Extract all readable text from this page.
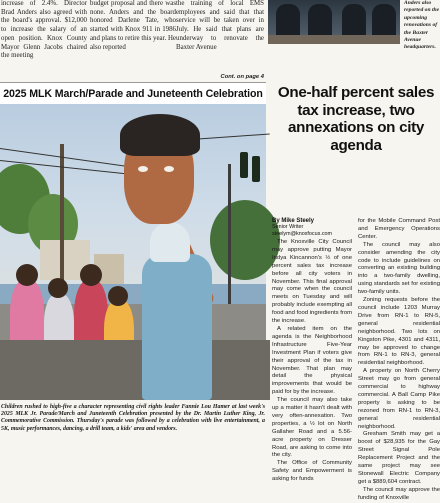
increase of 2.4%. Director Brad Anders also agreed with the board's approval. $12,000 to increase the salary of an open position. Knox County Mayor Glenn Jacobs chaired the meeting

budget proposal and there was none. Anders and the board honored Darlene Tate, who started with Knox 911 in 1986 and plans to retire this year. He also reported

the training of local EMS employees and said that that service will be taken over in July. He said that plans are underway to renovate the Baxter Avenue

Cont. on page 4
Anders also reported on the upcoming renovations of the Baxter Avenue headquarters.
2025 MLK March/Parade and Juneteenth Celebration
Children rushed to high-five a character representing civil rights leader Fannie Lou Hamer at last week's 2025 MLK Jr. Parade/March and Juneteenth Celebration presented by the Dr. Martin Luther King, Jr. Commemorative Commission. Thursday's parade was followed by a celebration with live entertainment, a 5K, music performances, dancing, a drill team, a kids' area and vendors.
One-half percent sales tax increase, two annexations on city agenda
By Mike Steely
Senior Writer
steelym@knoxfocus.com

The Knoxville City Council may approve putting Mayor Indya Kincannon's ½ of one percent sales tax increase before all city voters in November. This final approval may come when the council meets on Tuesday and will probably include exempting all food and food ingredients from the increase.

A related item on the agenda is the Neighborhood Infrastructure Five-Year Investment Plan if voters give their approval of the tax in November. That plan may detail the physical improvements that would be paid for by the increase.

The council may also take up a matter it hasn't dealt with very often-annexation. Two properties, a ½ lot on North Gallaher Road and a 5.56-acre property on Dresser Road, are asking to come into the city.

The Office of Community Safety and Empowerment is asking for funds

for the Mobile Command Post and Emergency Operations Center.

The council may also consider amending the city code to include guidelines on converting an existing building into a two-family dwelling, using standards set for existing two-family units.

Zoning requests before the council include 1203 Murray Drive from RN-1 to RN-5, general residential neighborhood. Two lots on Kingston Pike, 4301 and 4311, may be approved to change from RN-1 to RN-3, general residential neighborhood.

A property on North Cherry Street may go from general commercial to highway commercial. A Ball Camp Pike property is asking to be rezoned from RN-1 to RN-3, general residential neighborhood.

Gresham Smith may get a boost of $28,935 for the Gay Street Signal Pole Replacement Project and the same project may see Stonewall Electric Company get a $889,604 contract.

The council may approve the funding of Knoxville
